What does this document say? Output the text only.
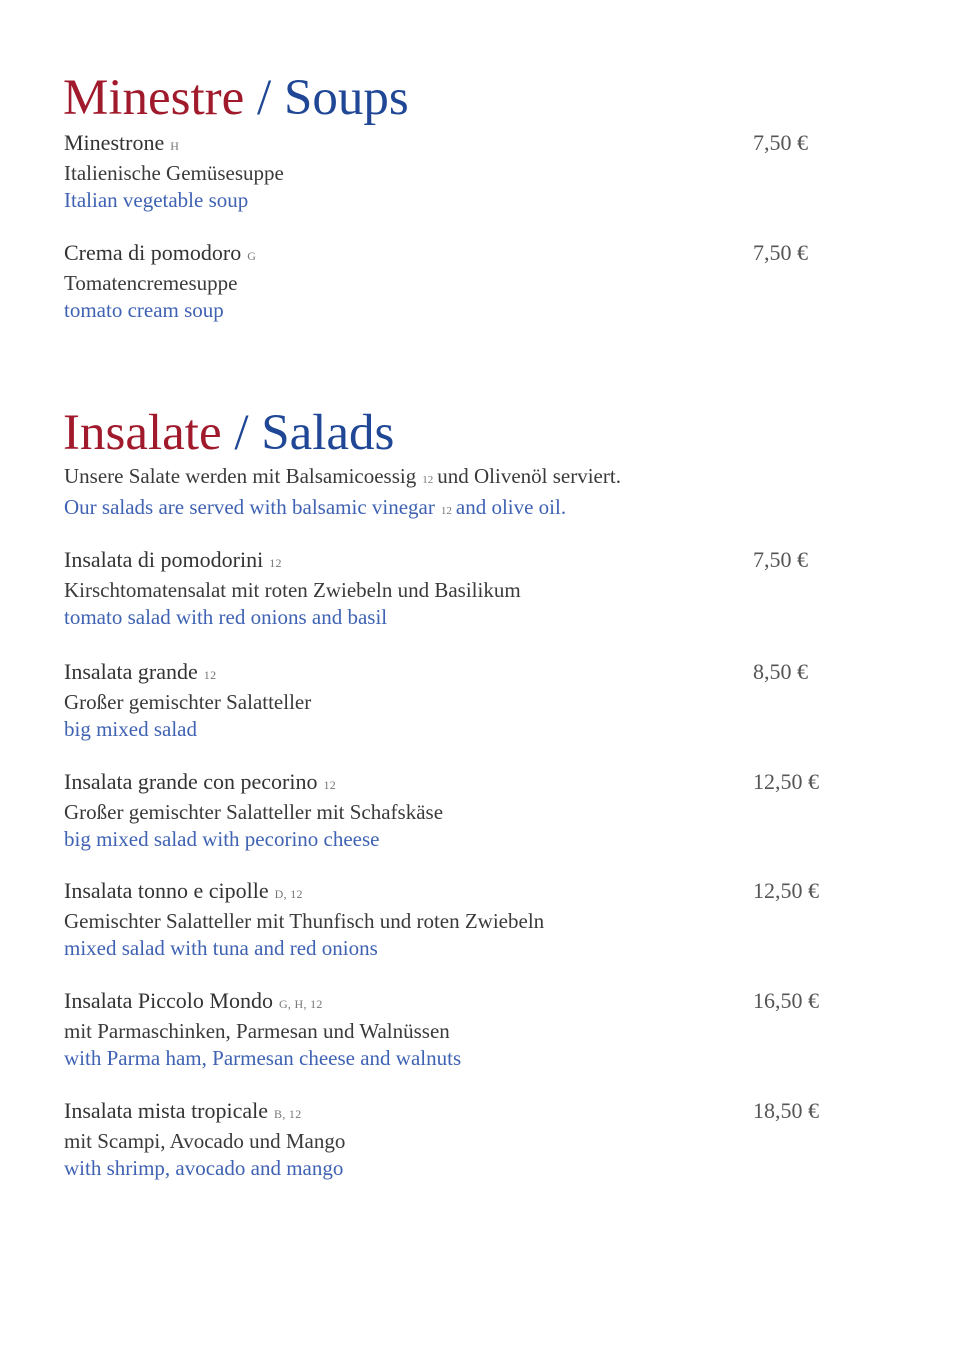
Minestre / Soups
Minestrone H
Italienische Gemüsesuppe
Italian vegetable soup
7,50 €
Crema di pomodoro G
Tomatencremesuppe
tomato cream soup
7,50 €
Insalate / Salads

Unsere Salate werden mit Balsamicoessig 12 und Olivenöl serviert.
Our salads are served with balsamic vinegar 12 and olive oil.

Insalata di pomodorini 12
Kirschtomatensalat mit roten Zwiebeln und Basilikum
tomato salad with red onions and basil
7,50 €
Insalata grande 12
Großer gemischter Salatteller
big mixed salad
8,50 €
Insalata grande con pecorino 12
Großer gemischter Salatteller mit Schafskäse
big mixed salad with pecorino cheese
12,50 €
Insalata tonno e cipolle D, 12
Gemischter Salatteller mit Thunfisch und roten Zwiebeln
mixed salad with tuna and red onions
12,50 €
Insalata Piccolo Mondo G, H, 12
mit Parmaschinken, Parmesan und Walnüssen
with Parma ham, Parmesan cheese and walnuts
16,50 €
Insalata mista tropicale B, 12
mit Scampi, Avocado und Mango
with shrimp, avocado and mango
18,50 €
